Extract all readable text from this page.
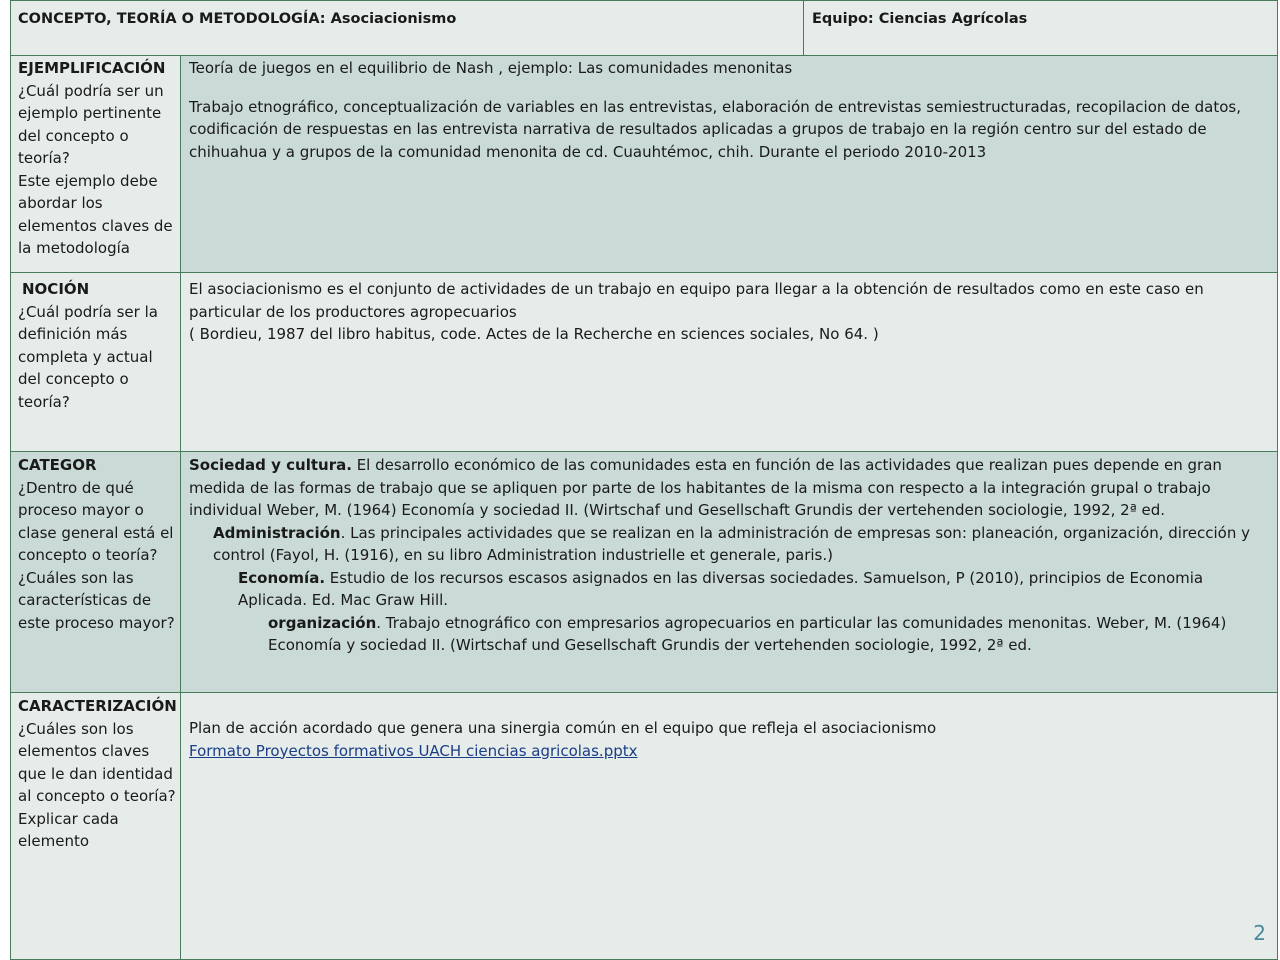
CONCEPTO, TEORÍA O METODOLOGÍA: Asociacionismo	Equipo: Ciencias Agrícolas

EJEMPLIFICACIÓN

¿Cuál podría ser un ejemplo pertinente del concepto o teoría?

Este ejemplo debe abordar los elementos claves de la metodología

Teoría de juegos en el equilibrio de Nash , ejemplo: Las comunidades menonitas

Trabajo etnográfico, conceptualización de variables en las entrevistas, elaboración de entrevistas semiestructuradas, recopilacion de datos, codificación de respuestas en las entrevista narrativa de resultados aplicadas a grupos de trabajo en la región centro sur del estado de chihuahua y a grupos de la comunidad menonita de cd. Cuauhtémoc, chih. Durante el periodo 2010-2013

NOCIÓN

¿Cuál podría ser la definición más completa y actual del concepto o teoría?

El asociacionismo es el conjunto de actividades de un trabajo en equipo para llegar a la obtención de resultados como en este caso en particular de los productores agropecuarios

( Bordieu, 1987 del libro habitus, code. Actes de la Recherche en sciences sociales, No 64. )

CATEGOR

¿Dentro de qué proceso mayor o clase general está el concepto o teoría?

¿Cuáles son las características de este proceso mayor?

Sociedad y cultura. El desarrollo económico de las comunidades esta en función de las actividades que realizan pues depende en gran medida de las formas de trabajo que se apliquen por parte de los habitantes de la misma con respecto a la integración grupal o trabajo individual Weber, M. (1964) Economía y sociedad II. (Wirtschaf und Gesellschaft Grundis der vertehenden sociologie, 1992, 2ª ed.

Administración. Las principales actividades que se realizan en la administración de empresas son: planeación, organización, dirección y control (Fayol, H. (1916), en su libro Administration industrielle et generale, paris.)

Economía. Estudio de los recursos escasos asignados en las diversas sociedades. Samuelson, P (2010), principios de Economia Aplicada. Ed. Mac Graw Hill.

organización. Trabajo etnográfico con empresarios agropecuarios en particular las comunidades menonitas. Weber, M. (1964) Economía y sociedad II. (Wirtschaf und Gesellschaft Grundis der vertehenden sociologie, 1992, 2ª ed.

CARACTERIZACIÓN

¿Cuáles son los elementos claves que le dan identidad al concepto o teoría?

Explicar cada elemento

Plan de acción acordado que genera una sinergia común en el equipo que refleja el asociacionismo

Formato Proyectos formativos UACH ciencias agricolas.pptx

2
